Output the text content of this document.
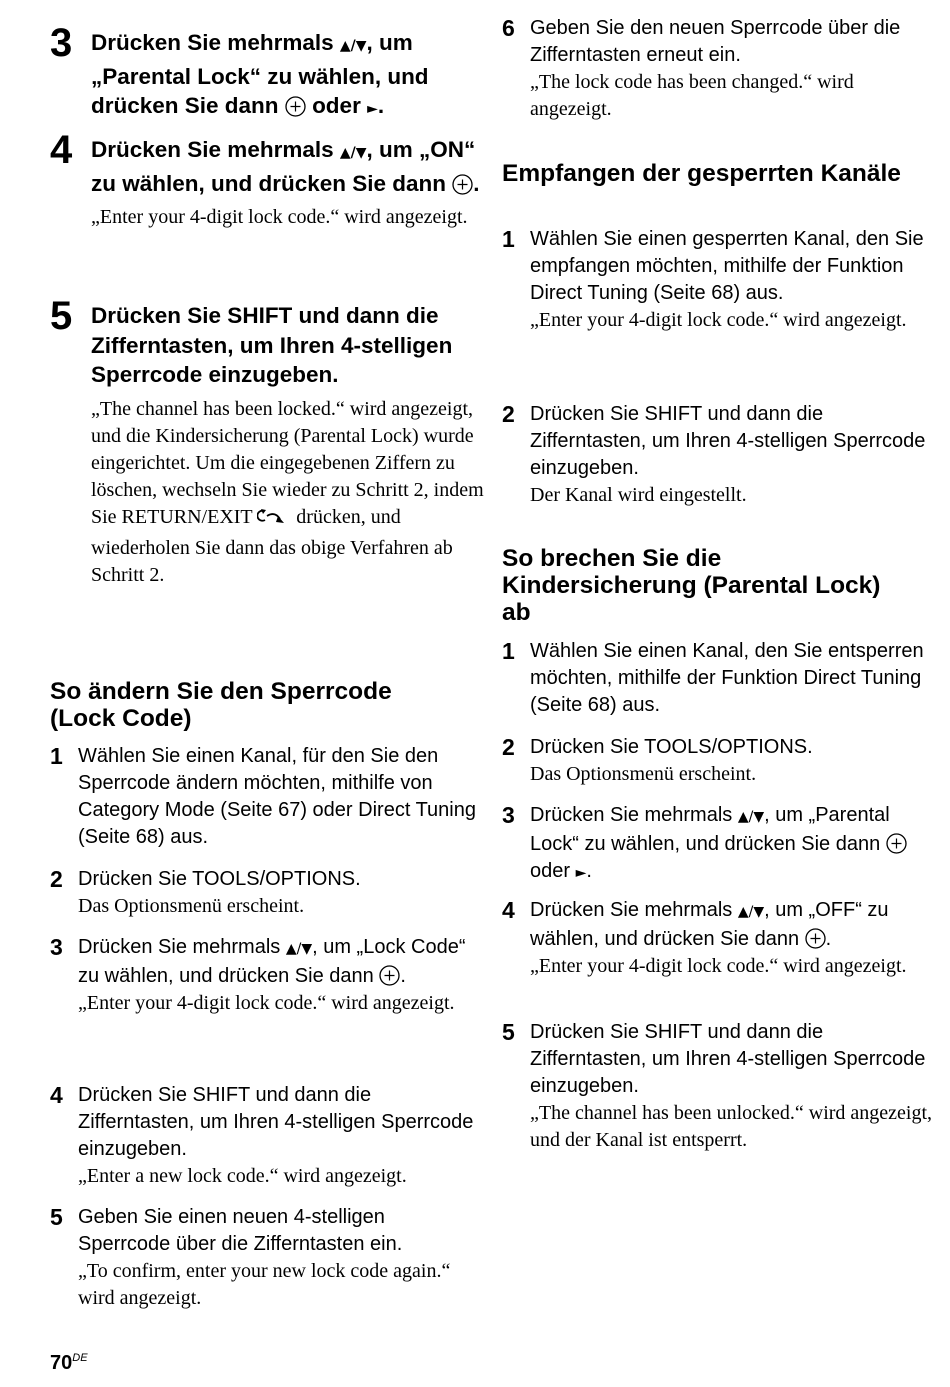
3 Drücken Sie mehrmals ▲/▼, um „Parental Lock“ zu wählen, und drücken Sie dann
oder ►.
4 Drücken Sie mehrmals ▲/▼, um „ON“ zu wählen, und drücken Sie dann
.
„Enter your 4-digit lock code.“ wird angezeigt.
5 Drücken Sie SHIFT und dann die Zifferntasten, um Ihren 4-stelligen Sperrcode einzugeben.
„The channel has been locked.“ wird angezeigt, und die Kindersicherung (Parental Lock) wurde eingerichtet. Um die eingegebenen Ziffern zu löschen, wechseln Sie wieder zu Schritt 2, indem Sie RETURN/EXIT  drücken, und wiederholen Sie dann das obige Verfahren ab Schritt 2.
So ändern Sie den Sperrcode (Lock Code)
1 Wählen Sie einen Kanal, für den Sie den Sperrcode ändern möchten, mithilfe von Category Mode (Seite 67) oder Direct Tuning (Seite 68) aus.
2 Drücken Sie TOOLS/OPTIONS.
Das Optionsmenü erscheint.
3 Drücken Sie mehrmals ▲/▼, um „Lock Code“ zu wählen, und drücken Sie dann
.
„Enter your 4-digit lock code.“ wird angezeigt.
4 Drücken Sie SHIFT und dann die Zifferntasten, um Ihren 4-stelligen Sperrcode einzugeben.
„Enter a new lock code.“ wird angezeigt.
5 Geben Sie einen neuen 4-stelligen Sperrcode über die Zifferntasten ein.
„To confirm, enter your new lock code again.“ wird angezeigt.
6 Geben Sie den neuen Sperrcode über die Zifferntasten erneut ein.
„The lock code has been changed.“ wird angezeigt.
Empfangen der gesperrten Kanäle
1 Wählen Sie einen gesperrten Kanal, den Sie empfangen möchten, mithilfe der Funktion Direct Tuning (Seite 68) aus.
„Enter your 4-digit lock code.“ wird angezeigt.
2 Drücken Sie SHIFT und dann die Zifferntasten, um Ihren 4-stelligen Sperrcode einzugeben.
Der Kanal wird eingestellt.
So brechen Sie die Kindersicherung (Parental Lock) ab
1 Wählen Sie einen Kanal, den Sie entsperren möchten, mithilfe der Funktion Direct Tuning (Seite 68) aus.
2 Drücken Sie TOOLS/OPTIONS.
Das Optionsmenü erscheint.
3 Drücken Sie mehrmals ▲/▼, um „Parental Lock“ zu wählen, und drücken Sie dann
oder ►.
4 Drücken Sie mehrmals ▲/▼, um „OFF“ zu wählen, und drücken Sie dann
.
„Enter your 4-digit lock code.“ wird angezeigt.
5 Drücken Sie SHIFT und dann die Zifferntasten, um Ihren 4-stelligen Sperrcode einzugeben.
„The channel has been unlocked.“ wird angezeigt, und der Kanal ist entsperrt.
70DE
